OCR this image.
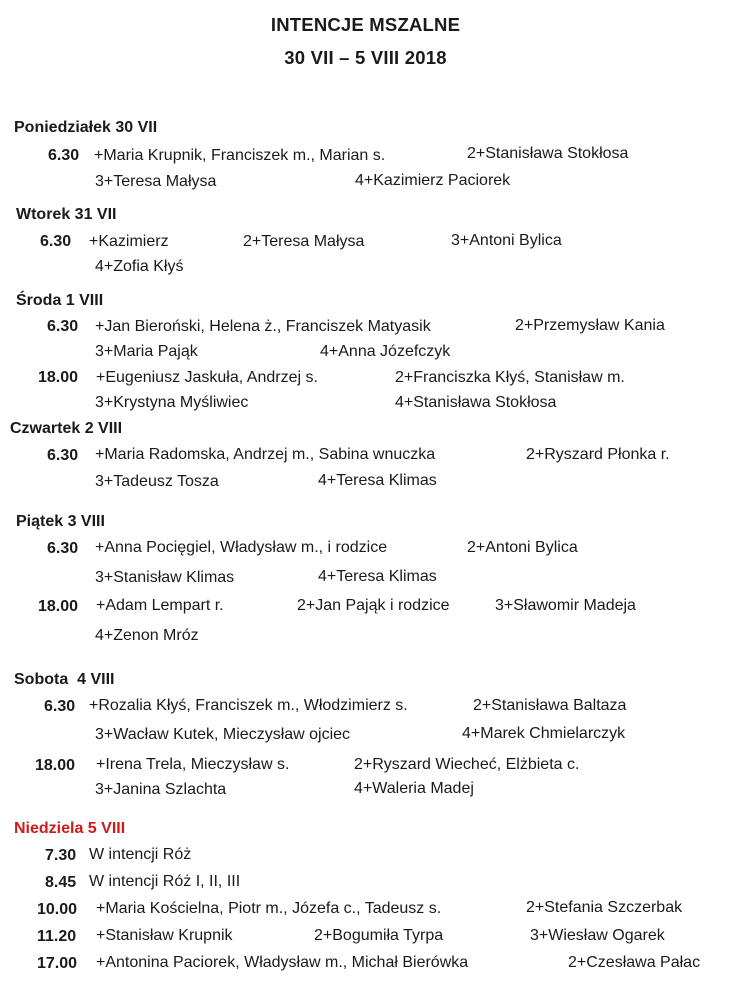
INTENCJE MSZALNE
30 VII – 5 VIII 2018
Poniedziałek 30 VII
6.30 +Maria Krupnik, Franciszek m., Marian s.	2+Stanisława Stokłosa
3+Teresa Małysa	4+Kazimierz Paciorek
Wtorek 31 VII
6.30 +Kazimierz	2+Teresa Małysa	3+Antoni Bylica
4+Zofia Kłyś
Środa 1 VIII
6.30 +Jan Bieroński, Helena ż., Franciszek Matyasik	2+Przemysław Kania
3+Maria Pająk	4+Anna Józefczyk
18.00 +Eugeniusz Jaskuła, Andrzej s.	2+Franciszka Kłyś, Stanisław m.
3+Krystyna Myśliwiec	4+Stanisława Stokłosa
Czwartek 2 VIII
6.30 +Maria Radomska, Andrzej m., Sabina wnuczka	2+Ryszard Płonka r.
3+Tadeusz Tosza	4+Teresa Klimas
Piątek 3 VIII
6.30 +Anna Pocięgiel, Władysław m., i rodzice	2+Antoni Bylica
3+Stanisław Klimas	4+Teresa Klimas
18.00 +Adam Lempart r.	2+Jan Pająk i rodzice	3+Sławomir Madeja
4+Zenon Mróz
Sobota  4 VIII
6.30 +Rozalia Kłyś, Franciszek m., Włodzimierz s.	2+Stanisława Baltaza
3+Wacław Kutek, Mieczysław ojciec	4+Marek Chmielarczyk
18.00 +Irena Trela, Mieczysław s.	2+Ryszard Wiecheć, Elżbieta c.
3+Janina Szlachta	4+Waleria Madej
Niedziela 5 VIII
7.30 W intencji Róż
8.45 W intencji Róż I, II, III
10.00 +Maria Kościelna, Piotr m., Józefa c., Tadeusz s.	2+Stefania Szczerbak
11.20 +Stanisław Krupnik	2+Bogumiła Tyrpa	3+Wiesław Ogarek
17.00 +Antonina Paciorek, Władysław m., Michał Bierówka	2+Czesława Pałac
